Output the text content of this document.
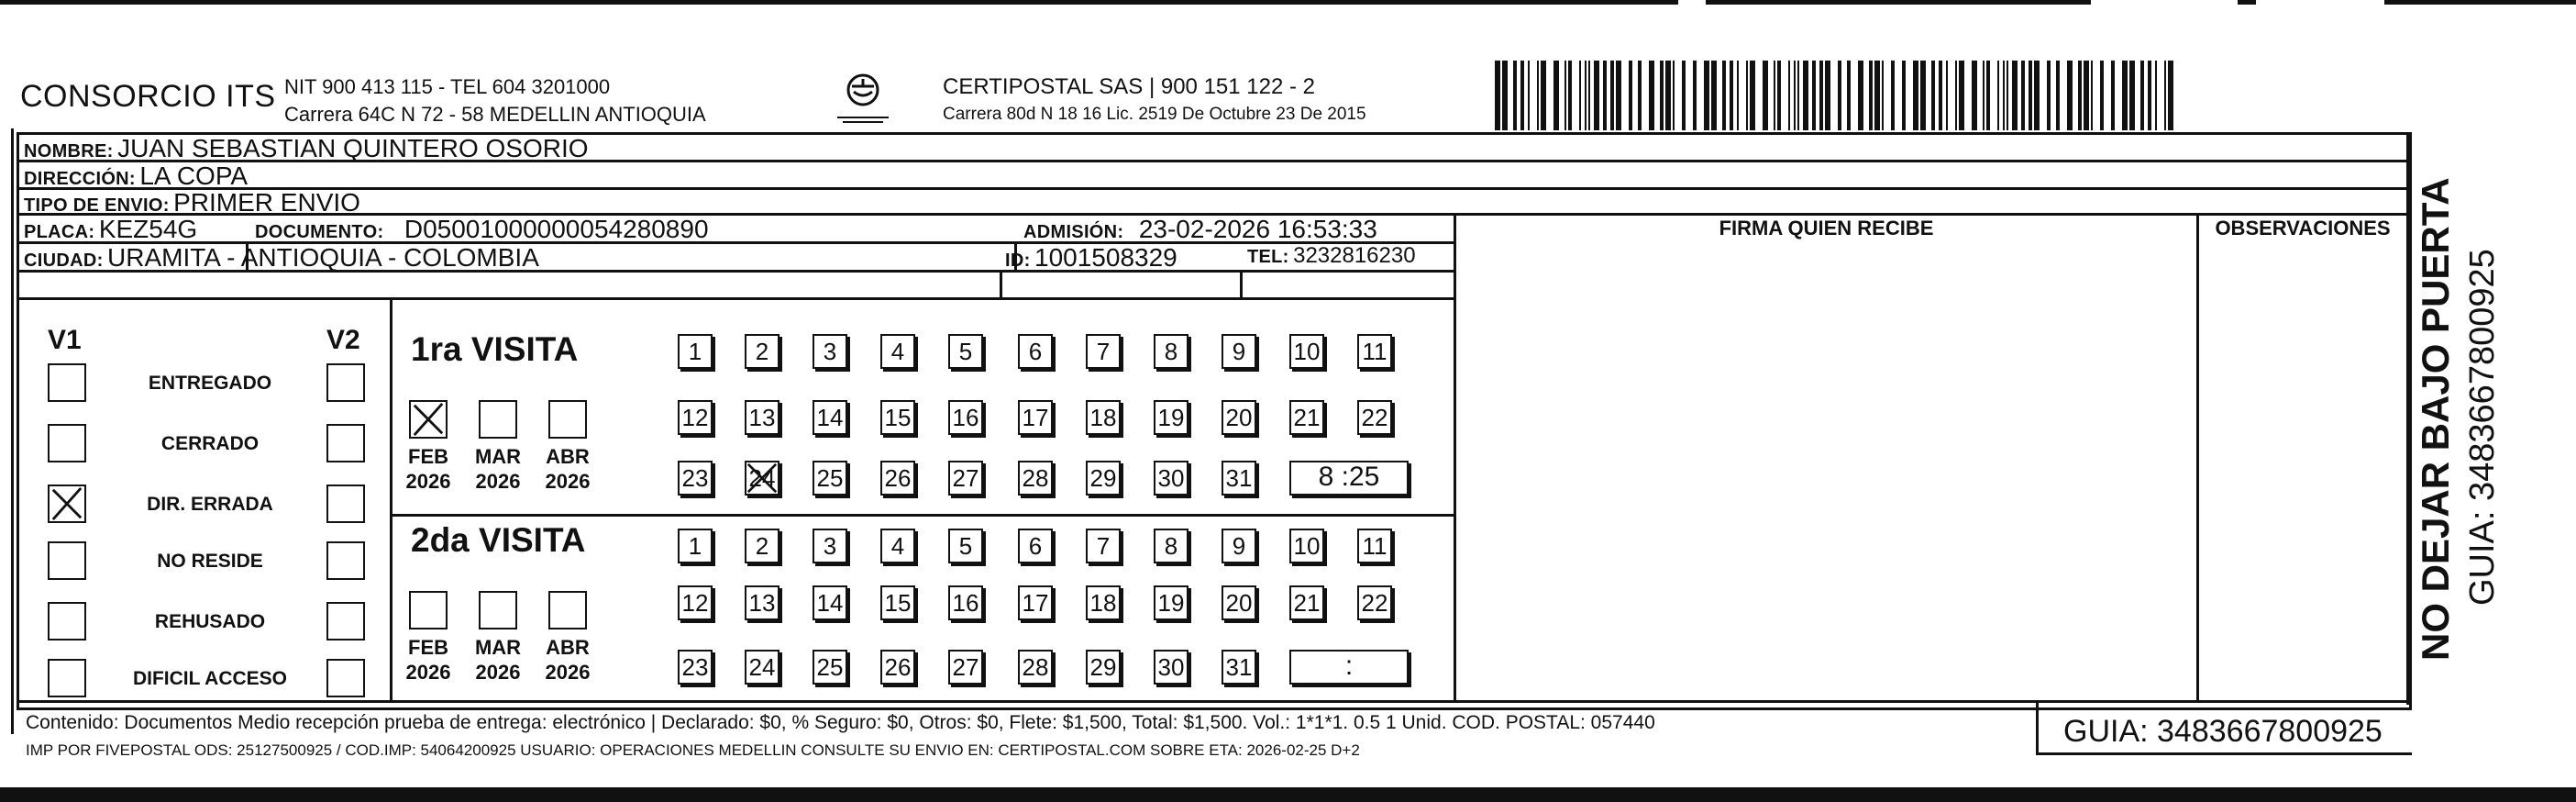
CONSORCIO ITS NIT 900 413 115 - TEL 604 3201000
Carrera 64C N 72 - 58 MEDELLIN ANTIOQUIA
CERTIPOSTAL SAS | 900 151 122 - 2
Carrera 80d N 18 16 Lic. 2519 De Octubre 23 De 2015
NOMBRE: JUAN SEBASTIAN QUINTERO OSORIO
DIRECCIÓN: LA COPA
TIPO DE ENVIO: PRIMER ENVIO
FIRMA QUIEN RECIBE	OBSERVACIONES
PLACA: KEZ54G	DOCUMENTO: D05001000000054280890	ADMISIÓN: 23-02-2026 16:53:33
CIUDAD: URAMITA - ANTIOQUIA - COLOMBIA	ID: 1001508329	TEL: 3232816230
V1	V2
ENTREGADO
CERRADO
DIR. ERRADA
NO RESIDE
REHUSADO
DIFICIL ACCESO
1ra VISITA
2da VISITA
FEB
2026
MAR
2026
ABR
2026
FEB
2026
MAR
2026
ABR
2026
1	2	3	4	5	6	7	8	9	10 11
12 13 14 15 16 17 18 19 20 21 22
23 24 25 26 27 28 29 30 31	8 :25
1	2	3	4	5	6	7	8	9	10 11
12 13 14 15 16 17 18 19 20 21 22
23 24 25 26 27 28 29 30 31	:
Contenido: Documentos Medio recepción prueba de entrega: electrónico | Declarado: $0, % Seguro: $0, Otros: $0, Flete: $1,500, Total: $1,500. Vol.: 1*1*1. 0.5 1 Unid. COD. POSTAL: 057440
IMP POR FIVEPOSTAL ODS: 25127500925 / COD.IMP: 54064200925 USUARIO: OPERACIONES MEDELLIN CONSULTE SU ENVIO EN: CERTIPOSTAL.COM SOBRE ETA: 2026-02-25 D+2
GUIA: 3483667800925
NO DEJAR BAJO PUERTA GUIA: 3483667800925
